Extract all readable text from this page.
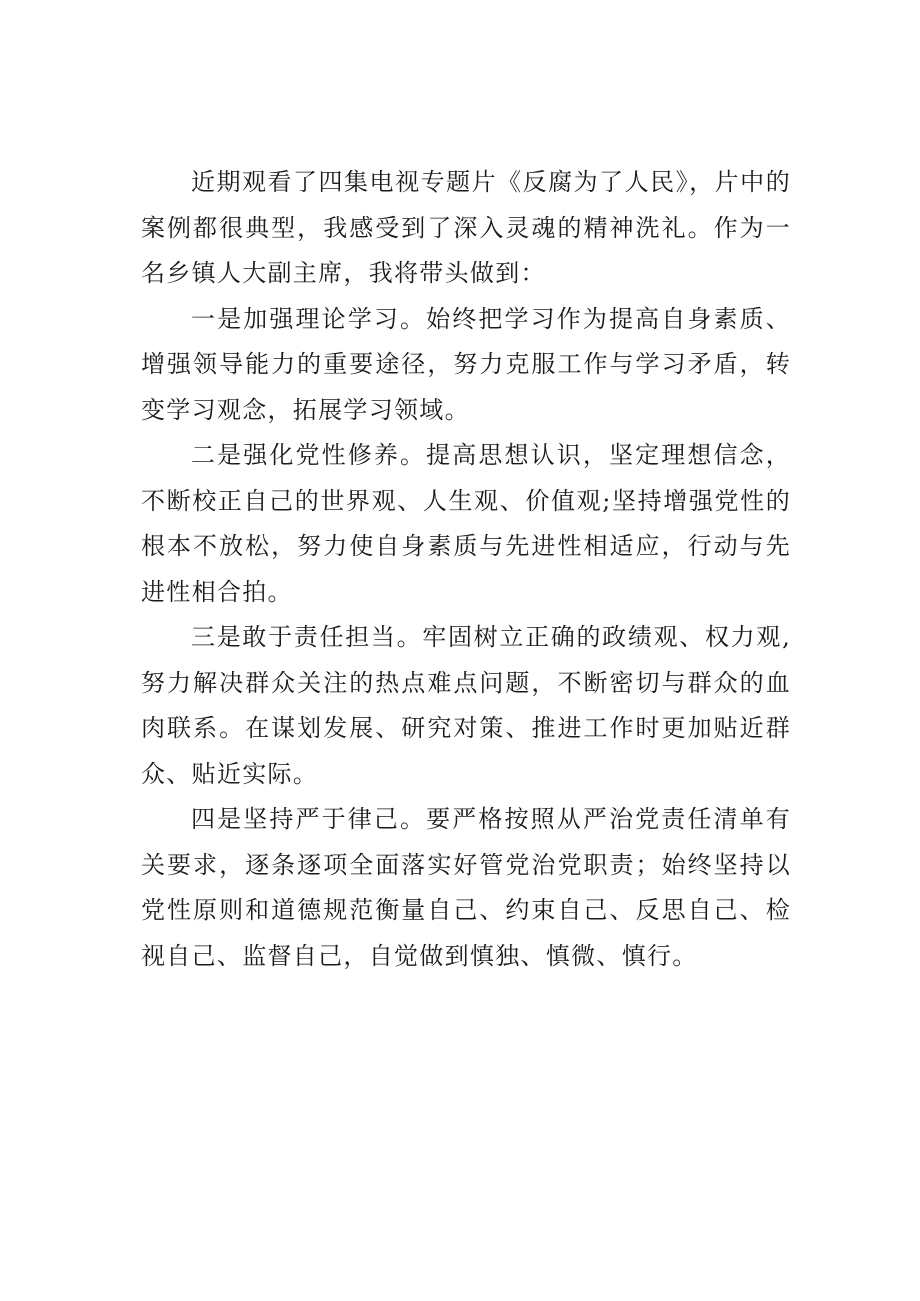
近期观看了四集电视专题片《反腐为了人民》，片中的案例都很典型，我感受到了深入灵魂的精神洗礼。作为一名乡镇人大副主席，我将带头做到：

一是加强理论学习。始终把学习作为提高自身素质、增强领导能力的重要途径，努力克服工作与学习矛盾，转变学习观念，拓展学习领域。

二是强化党性修养。提高思想认识，坚定理想信念，不断校正自己的世界观、人生观、价值观;坚持增强党性的根本不放松，努力使自身素质与先进性相适应，行动与先进性相合拍。

三是敢于责任担当。牢固树立正确的政绩观、权力观,努力解决群众关注的热点难点问题，不断密切与群众的血肉联系。在谋划发展、研究对策、推进工作时更加贴近群众、贴近实际。

四是坚持严于律己。要严格按照从严治党责任清单有关要求，逐条逐项全面落实好管党治党职责；始终坚持以党性原则和道德规范衡量自己、约束自己、反思自己、检视自己、监督自己，自觉做到慎独、慎微、慎行。
